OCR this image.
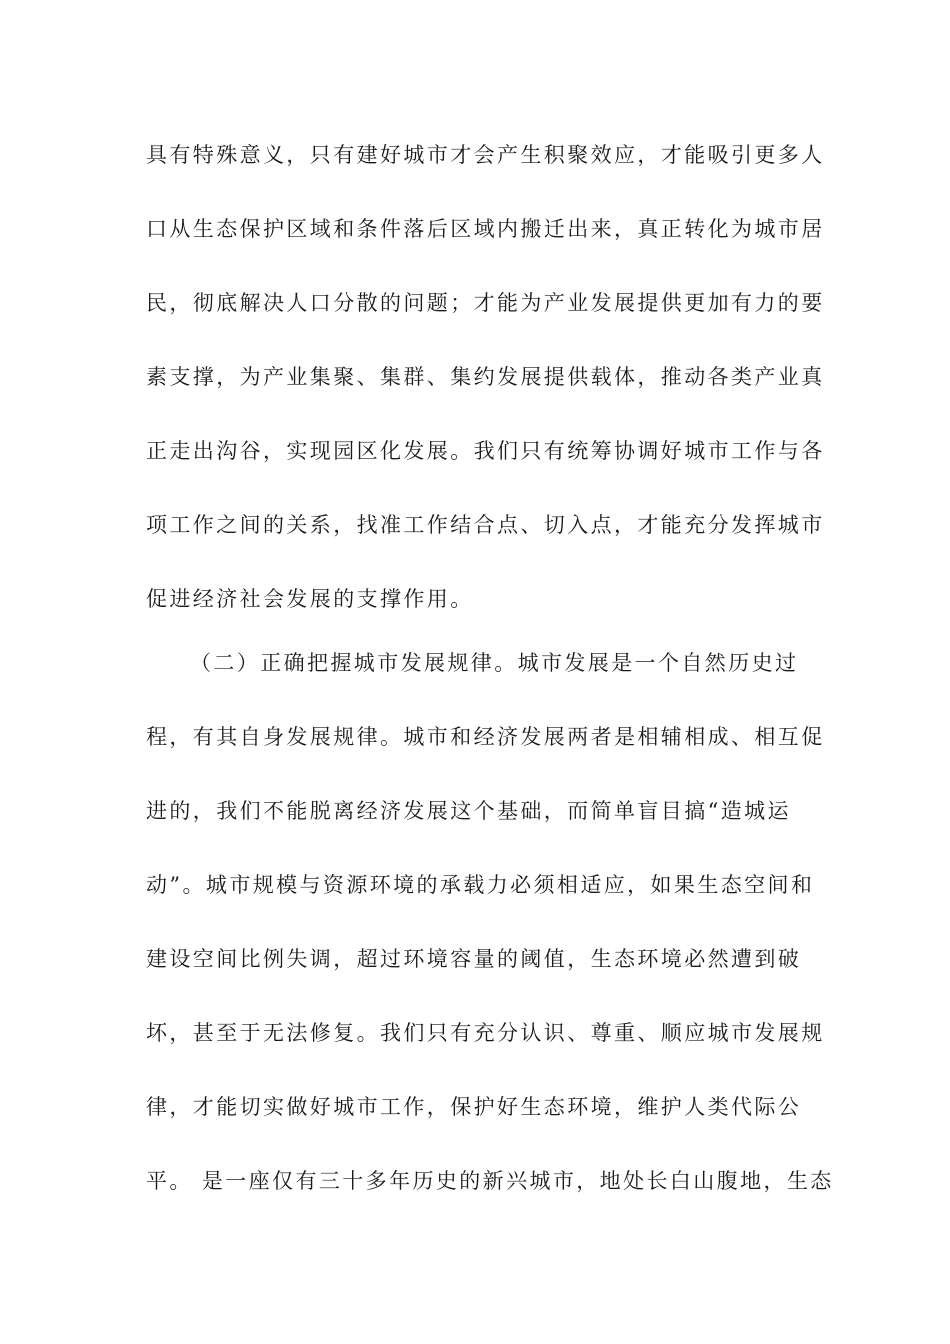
具有特殊意义，只有建好城市才会产生积聚效应，才能吸引更多人
口从生态保护区域和条件落后区域内搬迁出来，真正转化为城市居
民，彻底解决人口分散的问题；才能为产业发展提供更加有力的要
素支撑，为产业集聚、集群、集约发展提供载体，推动各类产业真
正走出沟谷，实现园区化发展。我们只有统筹协调好城市工作与各
项工作之间的关系，找准工作结合点、切入点，才能充分发挥城市
促进经济社会发展的支撑作用。
（二）正确把握城市发展规律。城市发展是一个自然历史过
程，有其自身发展规律。城市和经济发展两者是相辅相成、相互促
进的，我们不能脱离经济发展这个基础，而简单盲目搞“造城运
动”。城市规模与资源环境的承载力必须相适应，如果生态空间和
建设空间比例失调，超过环境容量的阈值，生态环境必然遭到破
坏，甚至于无法修复。我们只有充分认识、尊重、顺应城市发展规
律，才能切实做好城市工作，保护好生态环境，维护人类代际公
平。 是一座仅有三十多年历史的新兴城市，地处长白山腹地，生态
